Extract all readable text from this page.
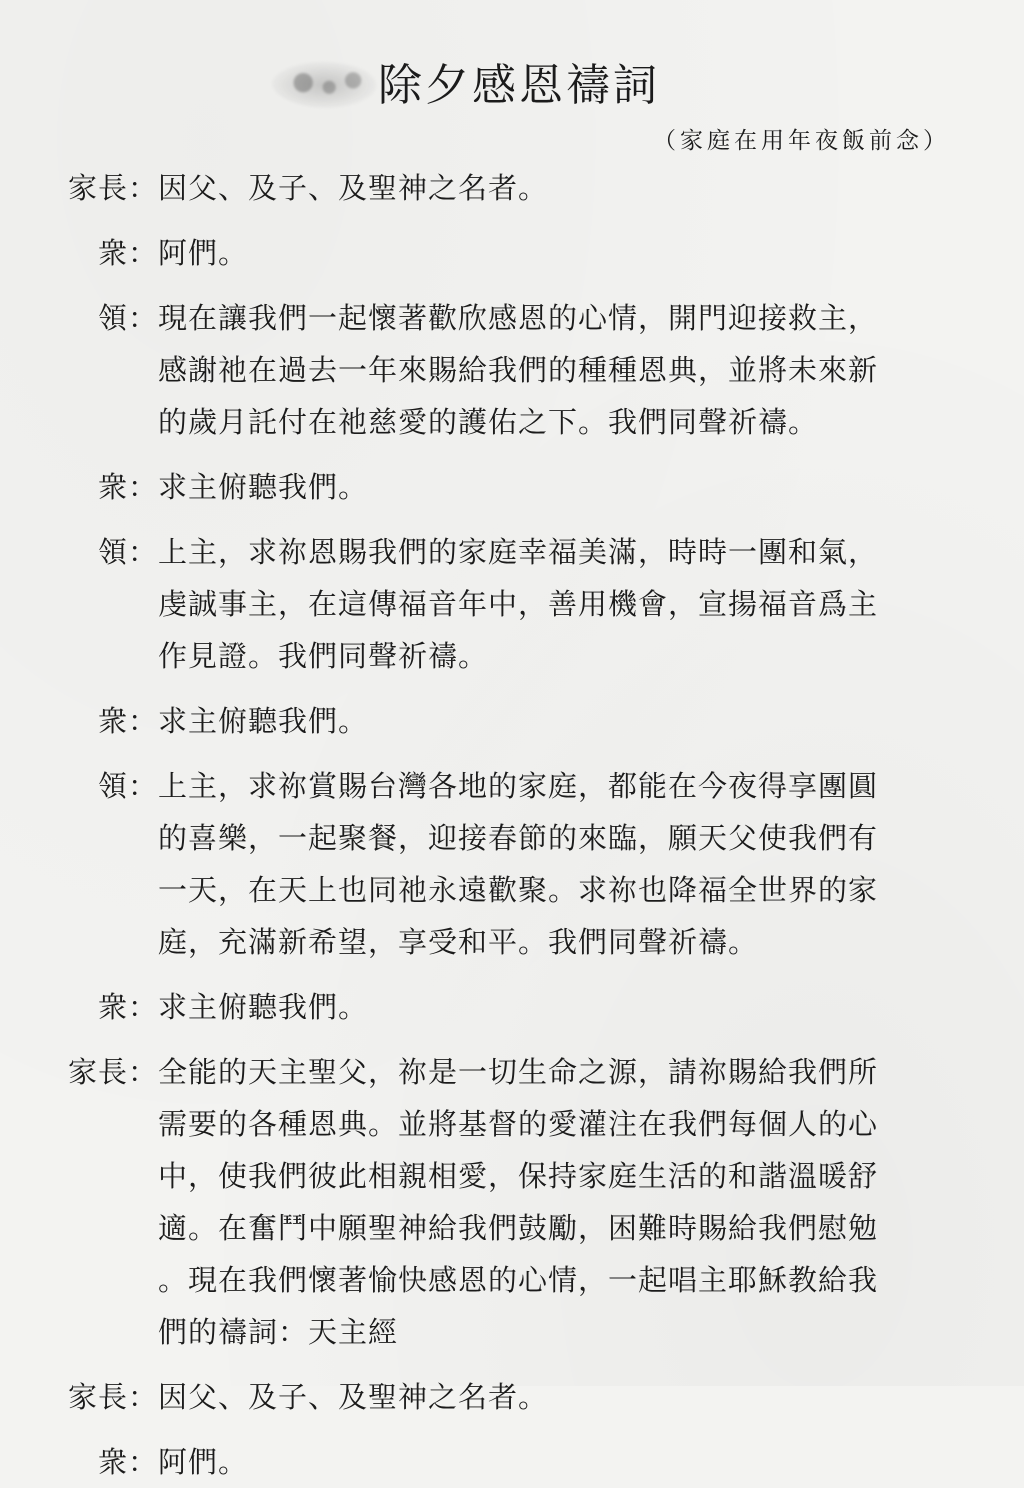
除夕感恩禱詞

（家庭在用年夜飯前念）

家長： 因父、及子、及聖神之名者。
衆： 阿們。
領： 現在讓我們一起懷著歡欣感恩的心情，開門迎接救主，
感謝祂在過去一年來賜給我們的種種恩典，並將未來新
的歲月託付在祂慈愛的護佑之下。我們同聲祈禱。
衆： 求主俯聽我們。
領： 上主，求祢恩賜我們的家庭幸福美滿，時時一團和氣，
虔誠事主，在這傳福音年中，善用機會，宣揚福音爲主
作見證。我們同聲祈禱。
衆： 求主俯聽我們。
領： 上主，求祢賞賜台灣各地的家庭，都能在今夜得享團圓
的喜樂，一起聚餐，迎接春節的來臨，願天父使我們有
一天，在天上也同祂永遠歡聚。求祢也降福全世界的家
庭，充滿新希望，享受和平。我們同聲祈禱。
衆： 求主俯聽我們。
家長： 全能的天主聖父，祢是一切生命之源，請祢賜給我們所
需要的各種恩典。並將基督的愛灌注在我們每個人的心
中，使我們彼此相親相愛，保持家庭生活的和諧溫暖舒
適。在奮鬥中願聖神給我們鼓勵，困難時賜給我們慰勉
。現在我們懷著愉快感恩的心情，一起唱主耶穌教給我
們的禱詞：天主經
家長： 因父、及子、及聖神之名者。
衆： 阿們。
